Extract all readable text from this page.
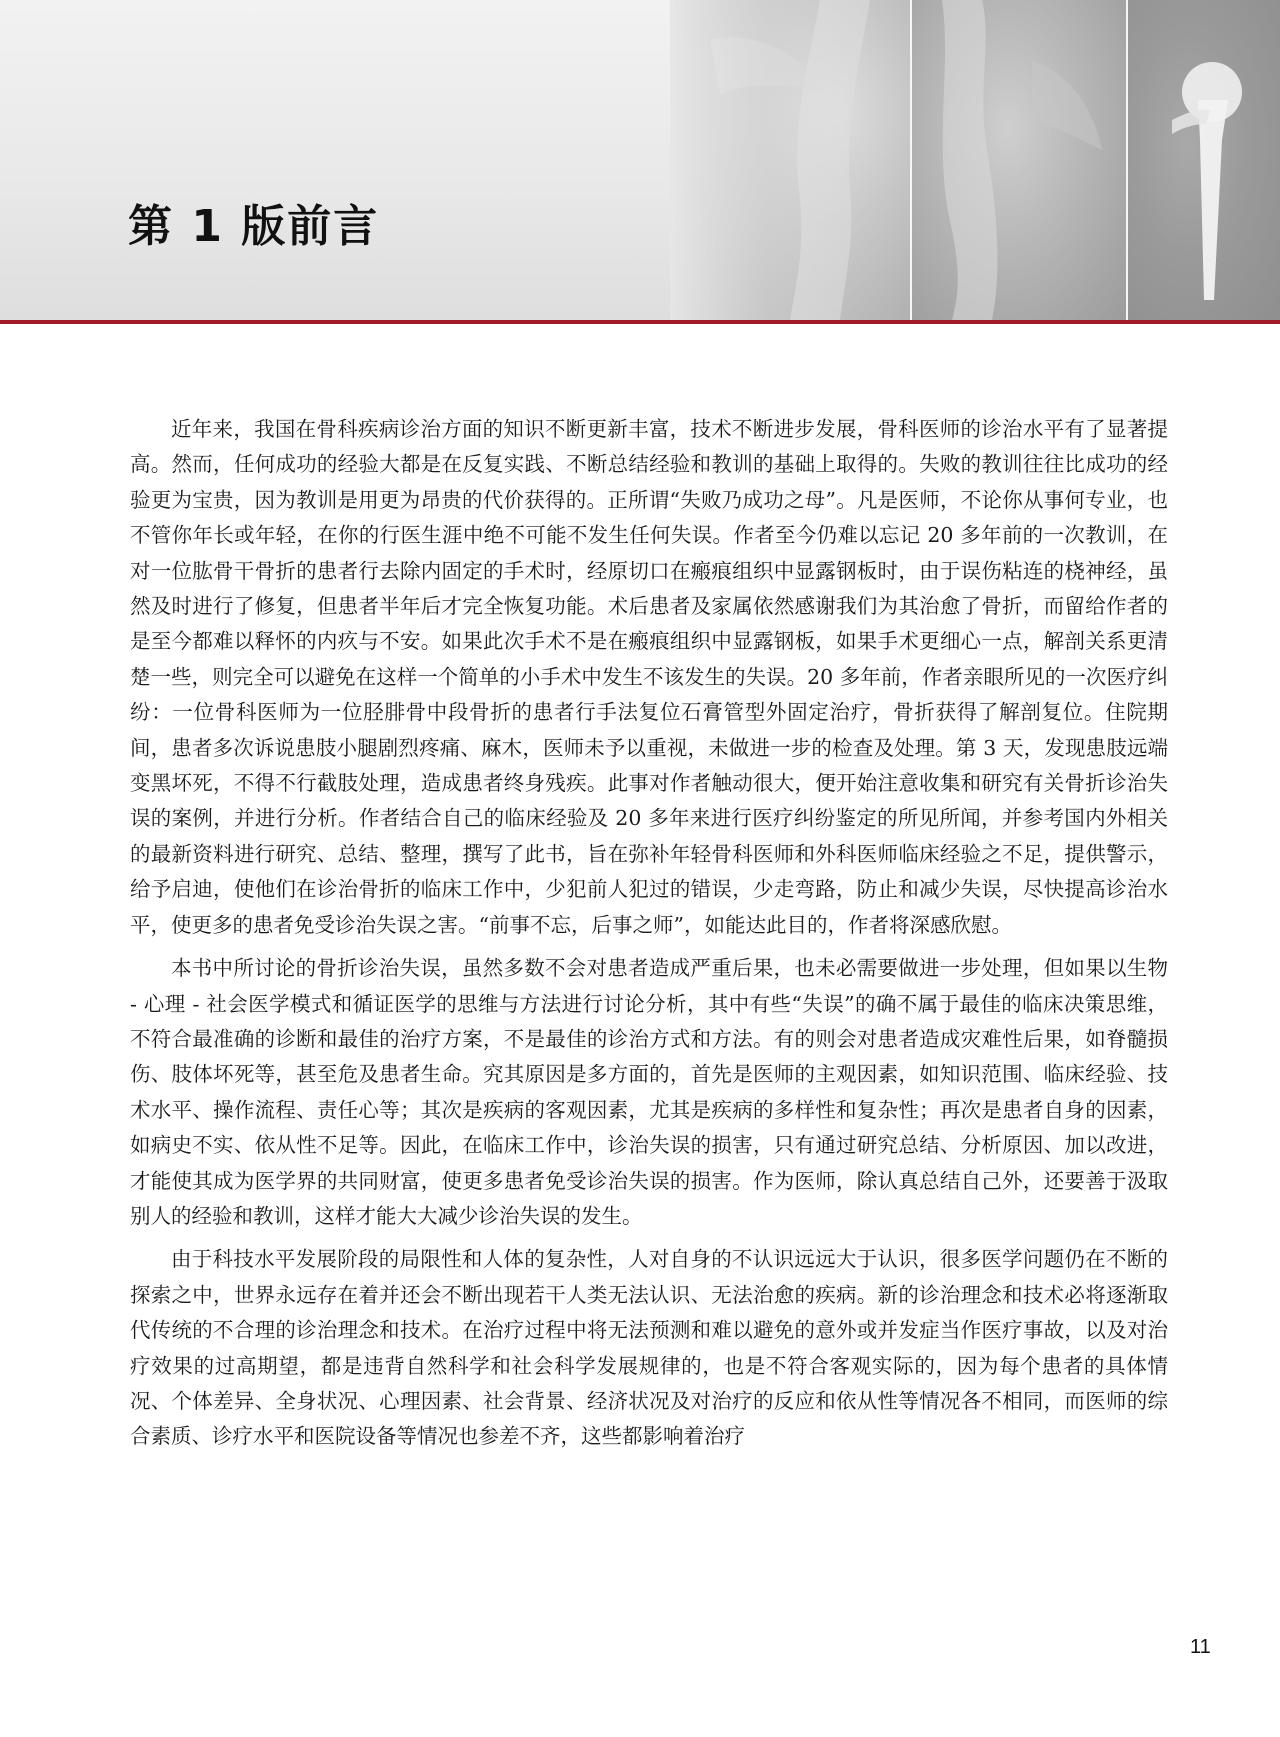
第 1 版前言

近年来，我国在骨科疾病诊治方面的知识不断更新丰富，技术不断进步发展，骨科医师的诊治水平有了显著提高。然而，任何成功的经验大都是在反复实践、不断总结经验和教训的基础上取得的。失败的教训往往比成功的经验更为宝贵，因为教训是用更为昂贵的代价获得的。正所谓“失败乃成功之母”。凡是医师，不论你从事何专业，也不管你年长或年轻，在你的行医生涯中绝不可能不发生任何失误。作者至今仍难以忘记 20 多年前的一次教训，在对一位肱骨干骨折的患者行去除内固定的手术时，经原切口在瘢痕组织中显露钢板时，由于误伤粘连的桡神经，虽然及时进行了修复，但患者半年后才完全恢复功能。术后患者及家属依然感谢我们为其治愈了骨折，而留给作者的是至今都难以释怀的内疚与不安。如果此次手术不是在瘢痕组织中显露钢板，如果手术更细心一点，解剖关系更清楚一些，则完全可以避免在这样一个简单的小手术中发生不该发生的失误。20 多年前，作者亲眼所见的一次医疗纠纷：一位骨科医师为一位胫腓骨中段骨折的患者行手法复位石膏管型外固定治疗，骨折获得了解剖复位。住院期间，患者多次诉说患肢小腿剧烈疼痛、麻木，医师未予以重视，未做进一步的检查及处理。第 3 天，发现患肢远端变黑坏死，不得不行截肢处理，造成患者终身残疾。此事对作者触动很大，便开始注意收集和研究有关骨折诊治失误的案例，并进行分析。作者结合自己的临床经验及 20 多年来进行医疗纠纷鉴定的所见所闻，并参考国内外相关的最新资料进行研究、总结、整理，撰写了此书，旨在弥补年轻骨科医师和外科医师临床经验之不足，提供警示，给予启迪，使他们在诊治骨折的临床工作中，少犯前人犯过的错误，少走弯路，防止和减少失误，尽快提高诊治水平，使更多的患者免受诊治失误之害。“前事不忘，后事之师”，如能达此目的，作者将深感欣慰。

本书中所讨论的骨折诊治失误，虽然多数不会对患者造成严重后果，也未必需要做进一步处理，但如果以生物 - 心理 - 社会医学模式和循证医学的思维与方法进行讨论分析，其中有些“失误”的确不属于最佳的临床决策思维，不符合最准确的诊断和最佳的治疗方案，不是最佳的诊治方式和方法。有的则会对患者造成灾难性后果，如脊髓损伤、肢体坏死等，甚至危及患者生命。究其原因是多方面的，首先是医师的主观因素，如知识范围、临床经验、技术水平、操作流程、责任心等；其次是疾病的客观因素，尤其是疾病的多样性和复杂性；再次是患者自身的因素，如病史不实、依从性不足等。因此，在临床工作中，诊治失误的损害，只有通过研究总结、分析原因、加以改进，才能使其成为医学界的共同财富，使更多患者免受诊治失误的损害。作为医师，除认真总结自己外，还要善于汲取别人的经验和教训，这样才能大大减少诊治失误的发生。

由于科技水平发展阶段的局限性和人体的复杂性，人对自身的不认识远远大于认识，很多医学问题仍在不断的探索之中，世界永远存在着并还会不断出现若干人类无法认识、无法治愈的疾病。新的诊治理念和技术必将逐渐取代传统的不合理的诊治理念和技术。在治疗过程中将无法预测和难以避免的意外或并发症当作医疗事故，以及对治疗效果的过高期望，都是违背自然科学和社会科学发展规律的，也是不符合客观实际的，因为每个患者的具体情况、个体差异、全身状况、心理因素、社会背景、经济状况及对治疗的反应和依从性等情况各不相同，而医师的综合素质、诊疗水平和医院设备等情况也参差不齐，这些都影响着治疗

11
